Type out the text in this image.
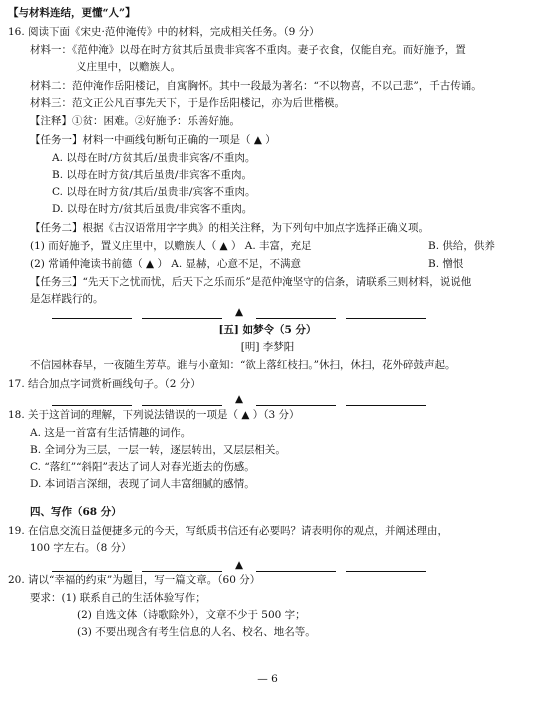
【与材料连结，更懂“人”】
16. 阅读下面《宋史·范仲淹传》中的材料，完成相关任务。（9 分）
材料一：《范仲淹》以母在时方贫其后虽贵非宾客不重肉。妻子衣食，仅能自充。而好施予，置
义庄里中，以赡族人。
材料二：范仲淹作岳阳楼记，自寓胸怀。其中一段最为著名：“不以物喜，不以己悲”，千古传诵。
材料三：范文正公凡百事先天下，于是作岳阳楼记，亦为后世楷模。
【注释】①贫：困难。②好施予：乐善好施。
【任务一】材料一中画线句断句正确的一项是（ ▲ ）
A. 以母在时/方贫其后/虽贵非宾客/不重肉。
B. 以母在时方贫/其后虽贵/非宾客不重肉。
C. 以母在时方贫/其后/虽贵非/宾客不重肉。
D. 以母在时方/贫其后虽贵/非宾客不重肉。
【任务二】根据《古汉语常用字字典》的相关注释，为下列句中加点字选择正确义项。
(1) 而好施予，置义庄里中，以赡族人（ ▲ ） A. 丰富，充足	B. 供给，供养
(2) 常诵仲淹读书前德（ ▲ ） A. 显赫，心意不足，不满意	B. 憎恨
【任务三】“先天下之忧而忧，后天下之乐而乐”是范仲淹坚守的信条，请联系三则材料，说说他
是怎样践行的。
▲
[五] 如梦令（5 分）
[明] 李梦阳
不信园林春早，一夜随生芳草。谁与小童知：“欲上落红枝扫。”休扫，休扫，花外碎鼓声起。
17. 结合加点字词赏析画线句子。（2 分）
▲
18. 关于这首词的理解，下列说法错误的一项是（ ▲ ）（3 分）
A. 这是一首富有生活情趣的词作。
B. 全词分为三层，一层一转，逐层转出，又层层相关。
C. “落红”“斜阳”表达了词人对春光逝去的伤感。
D. 本词语言深细，表现了词人丰富细腻的感情。
四、写作（68 分）
19. 在信息交流日益便捷多元的今天，写纸质书信还有必要吗？请表明你的观点，并阐述理由，
100 字左右。（8 分）
▲
20. 请以“幸福的约束”为题目，写一篇文章。（60 分）
要求：(1) 联系自己的生活体验写作；
(2) 自选文体（诗歌除外），文章不少于 500 字；
(3) 不要出现含有考生信息的人名、校名、地名等。
— 6
